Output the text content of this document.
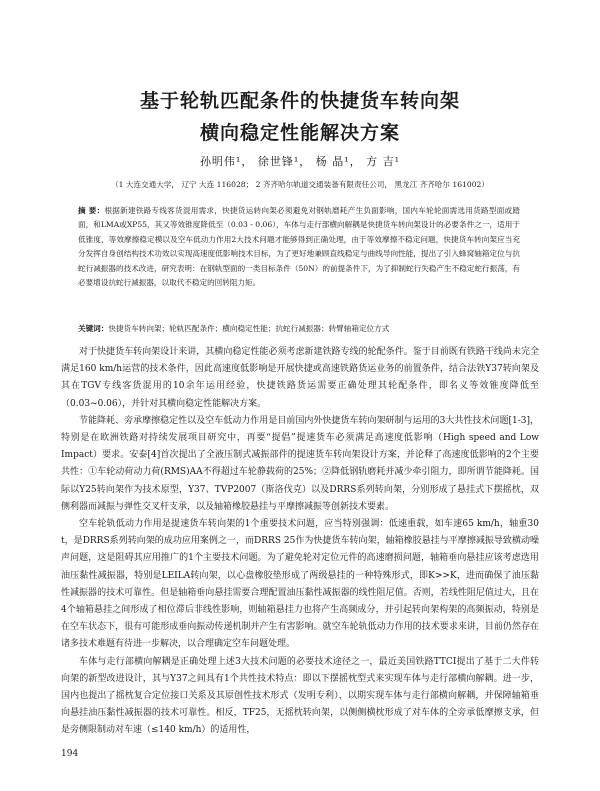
基于轮轨匹配条件的快捷货车转向架
横向稳定性能解决方案
孙明伟¹， 徐世锋¹， 杨 晶¹， 方 吉¹
（1 大连交通大学， 辽宁 大连 116028； 2 齐齐哈尔轨道交通装备有限责任公司， 黑龙江 齐齐哈尔 161002）
摘 要：根据新建铁路专线客货混用需求，快捷货运转向架必须避免对钢轨磨耗产生负面影响，国内车轮轮面需选用货路型面或踏面，和LMA或XP55，其又等效锥度降低至（0.03 - 0.06），车体与走行部横向解耦是快捷货车转向架设计的必要条件之一，适用于低锥度，等效摩擦稳定模以及空车低动力作用2大技术问题才能够得到正确处理，由于等效摩擦不稳定问题，快捷货车转向架应当充分发挥自身创结构技术功效以实现高速度低影响技术目标，为了更好地兼顾直线稳定与曲线导向性能，提出了引入蜂窝轴箱定位与抗蛇行减振器的技术改进，研究表明：在钢轨型面的一类目标条件（50N）的前提条件下，为了抑制蛇行失稳产生不稳定蛇行振荡，有必要增设抗蛇行减振器，以取代不稳定的回转阻力矩。
关键词：快捷货车转向架；轮轨匹配条件；横向稳定性能；抗蛇行减振器；转臂轴箱定位方式

对于快捷货车转向架设计来讲，其横向稳定性能必须考虑新建铁路专线的轮配条件。鉴于目前既有铁路干线尚未完全满足160 km/h运营的技术条件，因此高速度低影响是开展快捷或高速铁路货运业务的前置条件，结合法铁Y37转向架及其在TGV专线客货混用的10余年运用经验，快捷铁路货运需要正确处理其轮配条件，即名义等效锥度降低至（0.03~0.06），并针对其横向稳定性能解决方案。

节能降耗、旁承摩擦稳定性以及空车低动力作用是目前国内外快捷货车转向架研制与运用的3大共性技术问题[1-3]，特别是在欧洲铁路对持续发展项目研究中，再要“提倡”提速货车必须满足高速度低影响（High speed and Low Impact）要求。安泰[4]首次提出了全液压制式减振部件的提速货车转向架设计方案，并论释了高速度低影响的2个主要共性：①车轮动荷动力荷(RMS)AA不得超过车轮静载荷的25%；②降低钢轨磨耗并减少牵引阻力，即所谓节能降耗。国际以Y25转向架作为技术原型，Y37、TVP2007（斯洛伐克）以及DRRS系列转向架，分别形成了悬挂式下摆摇枕，双侧利器而减振与弹性交叉杆支承，以及轴箱橡胶悬挂与平摩擦减振等创新技术要素。

空车轮轨低动力作用是提速货车转向架的1个重要技术问题，应当特别强调：低速重载，如车速65 km/h，轴重30 t，是DRRS系列转向架的成功应用案例之一，而DRRS 25作为快捷货车转向架，轴箱橡胶悬挂与平摩擦减振导致横动噪声问题，这是阻碍其应用推广的1个主要技术问题。为了避免轮对定位元件的高速磨损问题，轴箱垂向悬挂应该考虑选用油压黏性减振器，特别是LEILA转向架，以心盘橡胶垫形成了两级悬挂的一种特殊形式，即K>>K，进而确保了油压黏性减振器的技术可靠性。但是轴箱垂向悬挂需要合理配置油压黏性减振器的线性阻尼值。否则，若线性阻尼值过大，且在4个轴箱悬挂之间形成了相位滞后非线性影响，则轴箱悬挂力也将产生高频成分，并引起转向架构架的高频振动，特别是在空车状态下，很有可能形成垂向振动传递机制并产生有害影响。就空车轮轨低动力作用的技术要求来讲，目前仍然存在诸多技术难题有待进一步解决，以合理确定空车问题处理。

车体与走行部横向解耦是正确处理上述3大技术问题的必要技术途径之一，最近美国铁路TTCI提出了基于二大件转向架的新型改进设计，其与Y37之间具有1个共性技术特点：即以下摆摇枕型式来实现车体与走行部横向解耦。进一步，国内也提出了摇枕复合定位接口关系及其原创性技术形式（发明专利），以期实现车体与走行部横向解耦，并保障轴箱垂向悬挂油压黏性减振器的技术可靠性。相反，TF25，无摇枕转向架，以侧侧横枕形成了对车体的全旁承低摩擦支承，但是旁侧限制动对车速（≤140 km/h）的适用性，

194
